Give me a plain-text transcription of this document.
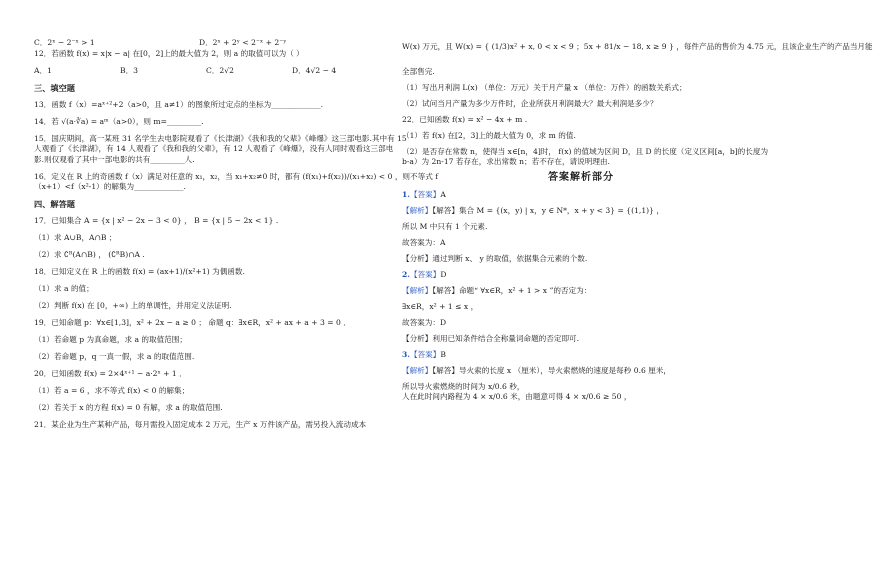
C．2ˣ − 2⁻ˣ > 1	D．2ˣ + 2ʸ < 2⁻ˣ + 2⁻ʸ
12．若函数 f(x) = x|x − a| 在[0，2]上的最大值为 2，则 a 的取值可以为（ ）
A．1	B．3	C．2√2	D．4√2 − 4
三、填空题
13．函数 f（x）=aˣ⁺²+2（a>0，且 a≠1）的图象所过定点的坐标为_____________.
14．若 √(a·∛a) = aᵐ（a>0），则 m=_________.
15．国庆期间，高一某班 31 名学生去电影院观看了《长津湖》《我和我的父辈》《峰爆》这三部电影.其中有 15
人观看了《长津湖》，有 14 人观看了《我和我的父辈》，有 12 人观看了《峰爆》，没有人同时观看这三部电
影.则仅观看了其中一部电影的共有_________人.
16．定义在 R 上的奇函数 f（x）满足对任意的 x₁，x₂，当 x₁+x₂≠0 时，都有 (f(x₁)+f(x₂))/(x₁+x₂) < 0 ，则不等式 f
（x+1）<f（x²-1）的解集为_____________.
四、解答题
17．已知集合 A = {x | x² − 2x − 3 < 0} ， B = {x | 5 − 2x < 1} .
（1）求 A∪B，A∩B ；
（2）求 ∁ᴿ(A∩B) ， (∁ᴿB)∩A .
18．已知定义在 R 上的函数 f(x) = (ax+1)/(x²+1) 为偶函数.
（1）求 a 的值；
（2）判断 f(x) 在 [0，+∞) 上的单调性，并用定义法证明.
19．已知命题 p：∀x∈[1,3]，x² + 2x − a ≥ 0 ； 命题 q：∃x∈R，x² + ax + a + 3 = 0 ．
（1）若命题 p 为真命题，求 a 的取值范围；
（2）若命题 p，q 一真一假，求 a 的取值范围.
20．已知函数 f(x) = 2×4ˣ⁺¹ − a·2ˣ + 1 ．
（1）若 a = 6 ，求不等式 f(x) < 0 的解集；
（2）若关于 x 的方程 f(x) = 0 有解，求 a 的取值范围.
21．某企业为生产某种产品，每月需投入固定成本 2 万元，生产 x 万件该产品，需另投入流动成本
W(x) 万元，且 W(x) = { (1/3)x² + x, 0 < x < 9 ；5x + 81/x − 18, x ≥ 9 } ，每件产品的售价为 4.75 元，且该企业生产的产品当月能
全部售完.
（1）写出月利润 L(x) （单位：万元）关于月产量 x （单位：万件）的函数关系式；
（2）试问当月产量为多少万件时，企业所获月利润最大？最大利润是多少？
22．已知函数 f(x) = x² − 4x + m .
（1）若 f(x) 在[2，3]上的最大值为 0，求 m 的值.
（2）是否存在常数 n，使得当 x∈[n，4]时， f(x) 的值域为区间 D，且 D 的长度（定义区间[a，b]的长度为
b-a）为 2n-17 若存在，求出常数 n；若不存在，请说明理由.
答案解析部分
1.【答案】A
【解析】【解答】集合 M = {(x，y) | x，y ∈ N*，x + y < 3} = {(1,1)} ，
所以 M 中只有 1 个元素.
故答案为：A
【分析】通过判断 x、 y 的取值，依据集合元素的个数.
2.【答案】D
【解析】【解答】命题“ ∀x∈R，x² + 1 > x ”的否定为：
∃x∈R，x² + 1 ≤ x ，
故答案为：D
【分析】利用已知条件结合全称量词命题的否定即可.
3.【答案】B
【解析】【解答】导火索的长度 x （厘米），导火索燃烧的速度是每秒 0.6 厘米，
所以导火索燃烧的时间为 x/0.6 秒，
人在此时间内路程为 4 × x/0.6 米，由题意可得 4 × x/0.6 ≥ 50 ，
